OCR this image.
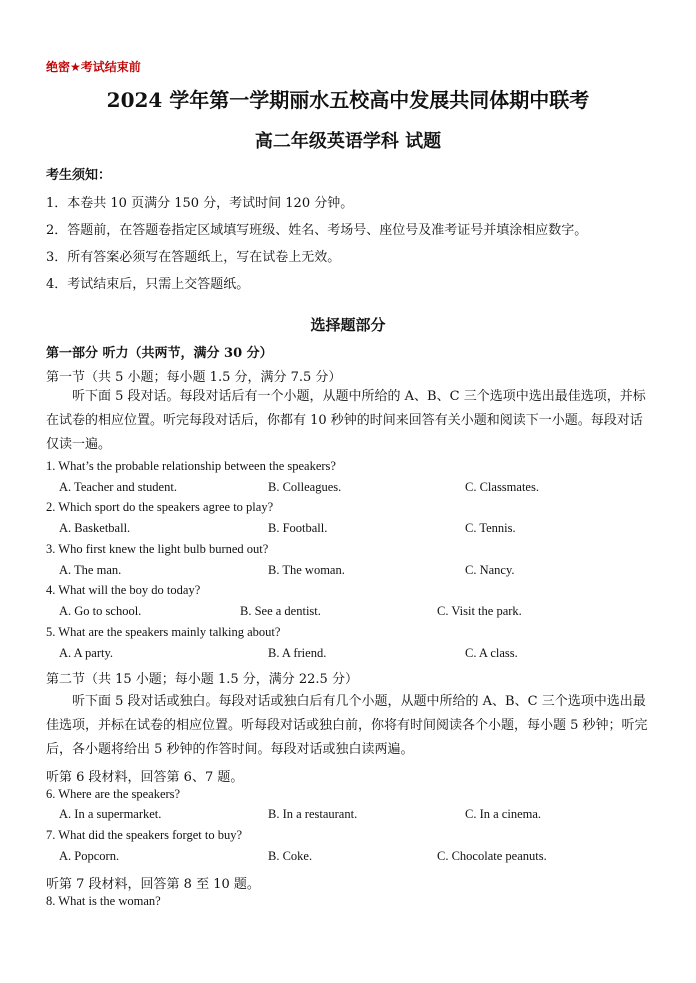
绝密★考试结束前
2024 学年第一学期丽水五校高中发展共同体期中联考
高二年级英语学科 试题
考生须知：
1．本卷共 10 页满分 150 分，考试时间 120 分钟。
2．答题前，在答题卷指定区域填写班级、姓名、考场号、座位号及准考证号并填涂相应数字。
3．所有答案必须写在答题纸上，写在试卷上无效。
4．考试结束后，只需上交答题纸。
选择题部分
第一部分 听力（共两节，满分 30 分）
第一节（共 5 小题；每小题 1.5 分，满分 7.5 分）
听下面 5 段对话。每段对话后有一个小题，从题中所给的 A、B、C 三个选项中选出最佳选项，并标在试卷的相应位置。听完每段对话后，你都有 10 秒钟的时间来回答有关小题和阅读下一小题。每段对话仅读一遍。
1. What’s the probable relationship between the speakers?
A. Teacher and student.	B. Colleagues.	C. Classmates.
2. Which sport do the speakers agree to play?
A. Basketball.	B. Football.	C. Tennis.
3. Who first knew the light bulb burned out?
A. The man.	B. The woman.	C. Nancy.
4. What will the boy do today?
A. Go to school.	B. See a dentist.	C. Visit the park.
5. What are the speakers mainly talking about?
A. A party.	B. A friend.	C. A class.
第二节（共 15 小题；每小题 1.5 分，满分 22.5 分）
听下面 5 段对话或独白。每段对话或独白后有几个小题，从题中所给的 A、B、C 三个选项中选出最佳选项，并标在试卷的相应位置。听每段对话或独白前，你将有时间阅读各个小题，每小题 5 秒钟；听完后，各小题将给出 5 秒钟的作答时间。每段对话或独白读两遍。
听第 6 段材料，回答第 6、7 题。
6. Where are the speakers?
A. In a supermarket.	B. In a restaurant.	C. In a cinema.
7. What did the speakers forget to buy?
A. Popcorn.	B. Coke.	C. Chocolate peanuts.
听第 7 段材料，回答第 8 至 10 题。
8. What is the woman?
